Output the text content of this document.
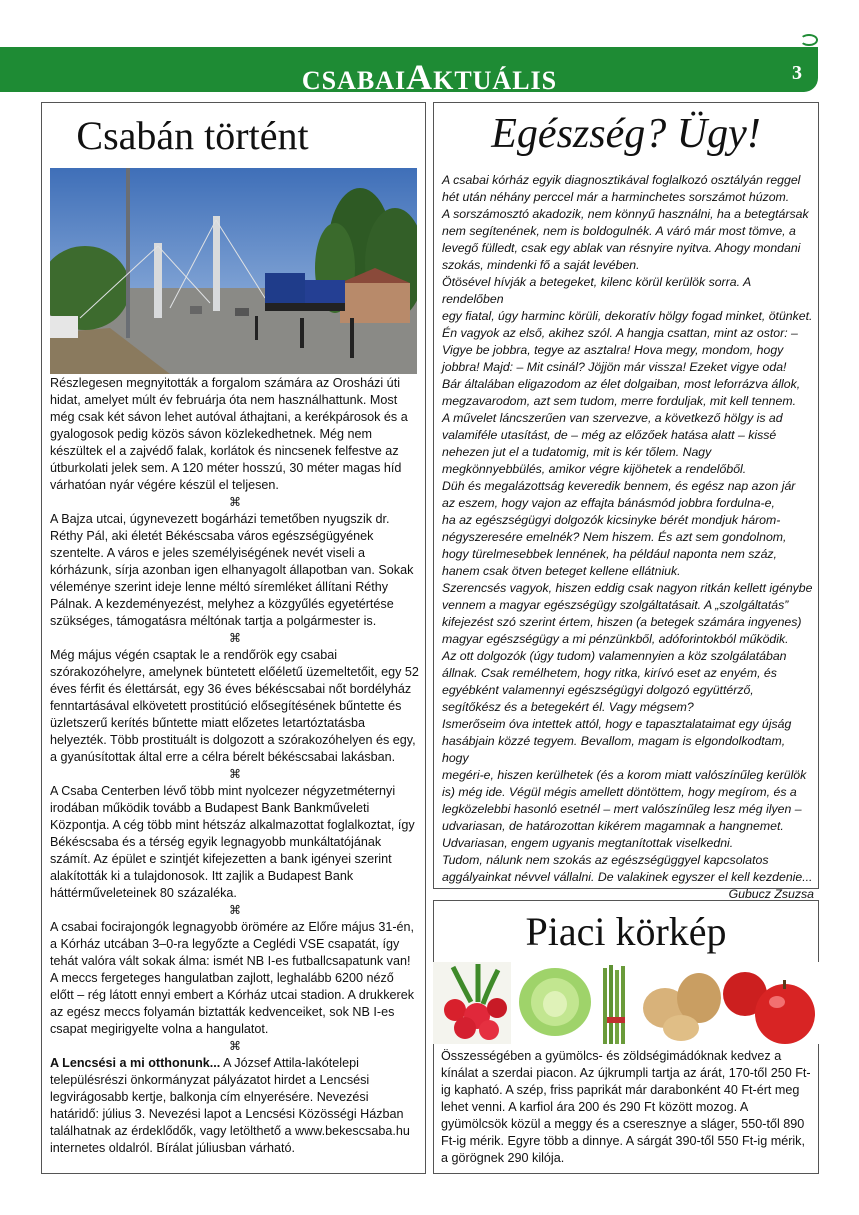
CSABAIAKTUÁLIS	3
Csabán történt	Egészség? Ügy!
Piaci körkép

Részlegesen megnyitották a forgalom számára az Orosházi úti hidat, amelyet múlt év februárja óta nem használhattunk. Most még csak két sávon lehet autóval áthajtani, a kerékpárosok és a gyalogosok pedig közös sávon közlekedhetnek. Még nem készültek el a zajvédő falak, korlátok és nincsenek felfestve az útburkolati jelek sem. A 120 méter hosszú, 30 méter magas híd várhatóan nyár végére készül el teljesen.

⌘

A Bajza utcai, úgynevezett bogárházi temetőben nyugszik dr. Réthy Pál, aki életét Békéscsaba város egészségügyének szentelte. A város e jeles személyiségének nevét viseli a kórházunk, sírja azonban igen elhanyagolt állapotban van. Sokak véleménye szerint ideje lenne méltó síremléket állítani Réthy Pálnak. A kezdeményezést, melyhez a közgyűlés egyetértése szükséges, támogatásra méltónak tartja a polgármester is.

⌘

Még május végén csaptak le a rendőrök egy csabai szórakozóhelyre, amelynek büntetett előéletű üzemeltetőit, egy 52 éves férfit és élettársát, egy 36 éves békéscsabai nőt bordélyház fenntartásával elkövetett prostitúció elősegítésének bűntette és üzletszerű kerítés bűntette miatt előzetes letartóztatásba helyezték. Több prostituált is dolgozott a szórakozóhelyen és egy, a gyanúsítottak által erre a célra bérelt békéscsabai lakásban.

⌘

A Csaba Centerben lévő több mint nyolcezer négyzetméternyi irodában működik tovább a Budapest Bank Bankműveleti Központja. A cég több mint hétszáz alkalmazottat foglalkoztat, így Békéscsaba és a térség egyik legnagyobb munkáltatójának számít. Az épület e szintjét kifejezetten a bank igényei szerint alakították ki a tulajdonosok. Itt zajlik a Budapest Bank háttérműveleteinek 80 százaléka.

⌘

A csabai focirajongók legnagyobb örömére az Előre május 31-én, a Kórház utcában 3–0-ra legyőzte a Ceglédi VSE csapatát, így tehát valóra vált sokak álma: ismét NB I-es futballcsapatunk van! A meccs fergeteges hangulatban zajlott, leghalább 6200 néző előtt – rég látott ennyi embert a Kórház utcai stadion. A drukkerek az egész meccs folyamán biztatták kedvenceiket, sok NB I-es csapat megirigyelte volna a hangulatot.

⌘

A Lencsési a mi otthonunk... A József Attila-lakótelepi településrészi önkormányzat pályázatot hirdet a Lencsési legvirágosabb kertje, balkonja cím elnyerésére. Nevezési határidő: július 3. Nevezési lapot a Lencsési Közösségi Házban találhatnak az érdeklődők, vagy letölthető a www.bekescsaba.hu internetes oldalról. Bírálat júliusban várható.

A csabai kórház egyik diagnosztikával foglalkozó osztályán reggel

hét után néhány perccel már a harminchetes sorszámot húzom.

A sorszámosztó akadozik, nem könnyű használni, ha a betegtársak

nem segítenének, nem is boldogulnék. A váró már most tömve, a

levegő fülledt, csak egy ablak van résnyire nyitva. Ahogy mondani

szokás, mindenki fő a saját levében.

Ötösével hívják a betegeket, kilenc körül kerülök sorra. A rendelőben

egy fiatal, úgy harminc körüli, dekoratív hölgy fogad minket, ötünket.

Én vagyok az első, akihez szól. A hangja csattan, mint az ostor: –

Vigye be jobbra, tegye az asztalra! Hova megy, mondom, hogy

jobbra! Majd: – Mit csinál? Jöjjön már vissza! Ezeket vigye oda!

Bár általában eligazodom az élet dolgaiban, most leforrázva állok,

megzavarodom, azt sem tudom, merre forduljak, mit kell tennem.

A művelet láncszerűen van szervezve, a következő hölgy is ad

valamiféle utasítást, de – még az előzőek hatása alatt – kissé

nehezen jut el a tudatomig, mit is kér tőlem. Nagy

megkönnyebbülés, amikor végre kijöhetek a rendelőből.

Düh és megalázottság keveredik bennem, és egész nap azon jár

az eszem, hogy vajon az effajta bánásmód jobbra fordulna-e,

ha az egészségügyi dolgozók kicsinyke bérét mondjuk három-

négyszeresére emelnék? Nem hiszem. És azt sem gondolnom,

hogy türelmesebbek lennének, ha például naponta nem száz,

hanem csak ötven beteget kellene ellátniuk.

Szerencsés vagyok, hiszen eddig csak nagyon ritkán kellett igénybe

vennem a magyar egészségügy szolgáltatásait. A „szolgáltatás”

kifejezést szó szerint értem, hiszen (a betegek számára ingyenes)

magyar egészségügy a mi pénzünkből, adóforintokból működik.

Az ott dolgozók (úgy tudom) valamennyien a köz szolgálatában

állnak. Csak remélhetem, hogy ritka, kirívó eset az enyém, és

egyébként valamennyi egészségügyi dolgozó együttérző,

segítőkész és a betegekért él. Vagy mégsem?

Ismerőseim óva intettek attól, hogy e tapasztalataimat egy újság

hasábjain közzé tegyem. Bevallom, magam is elgondolkodtam, hogy

megéri-e, hiszen kerülhetek (és a korom miatt valószínűleg kerülök

is) még ide. Végül mégis amellett döntöttem, hogy megírom, és a

legközelebbi hasonló esetnél – mert valószínűleg lesz még ilyen –

udvariasan, de határozottan kikérem magamnak a hangnemet.

Udvariasan, engem ugyanis megtanítottak viselkedni.

Tudom, nálunk nem szokás az egészségüggyel kapcsolatos

aggályainkat névvel vállalni. De valakinek egyszer el kell kezdenie...

Gubucz Zsuzsa

Összességében a gyümölcs- és zöldségimádóknak kedvez a kínálat a szerdai piacon. Az újkrumpli tartja az árát, 170-től 250 Ft-ig kapható. A szép, friss paprikát már darabonként 40 Ft-ért meg lehet venni. A karfiol ára 200 és 290 Ft között mozog. A gyümölcsök közül a meggy és a cseresznye a sláger, 550-től 890 Ft-ig mérik. Egyre több a dinnye. A sárgát 390-től 550 Ft-ig mérik, a görögnek 290 kilója.
